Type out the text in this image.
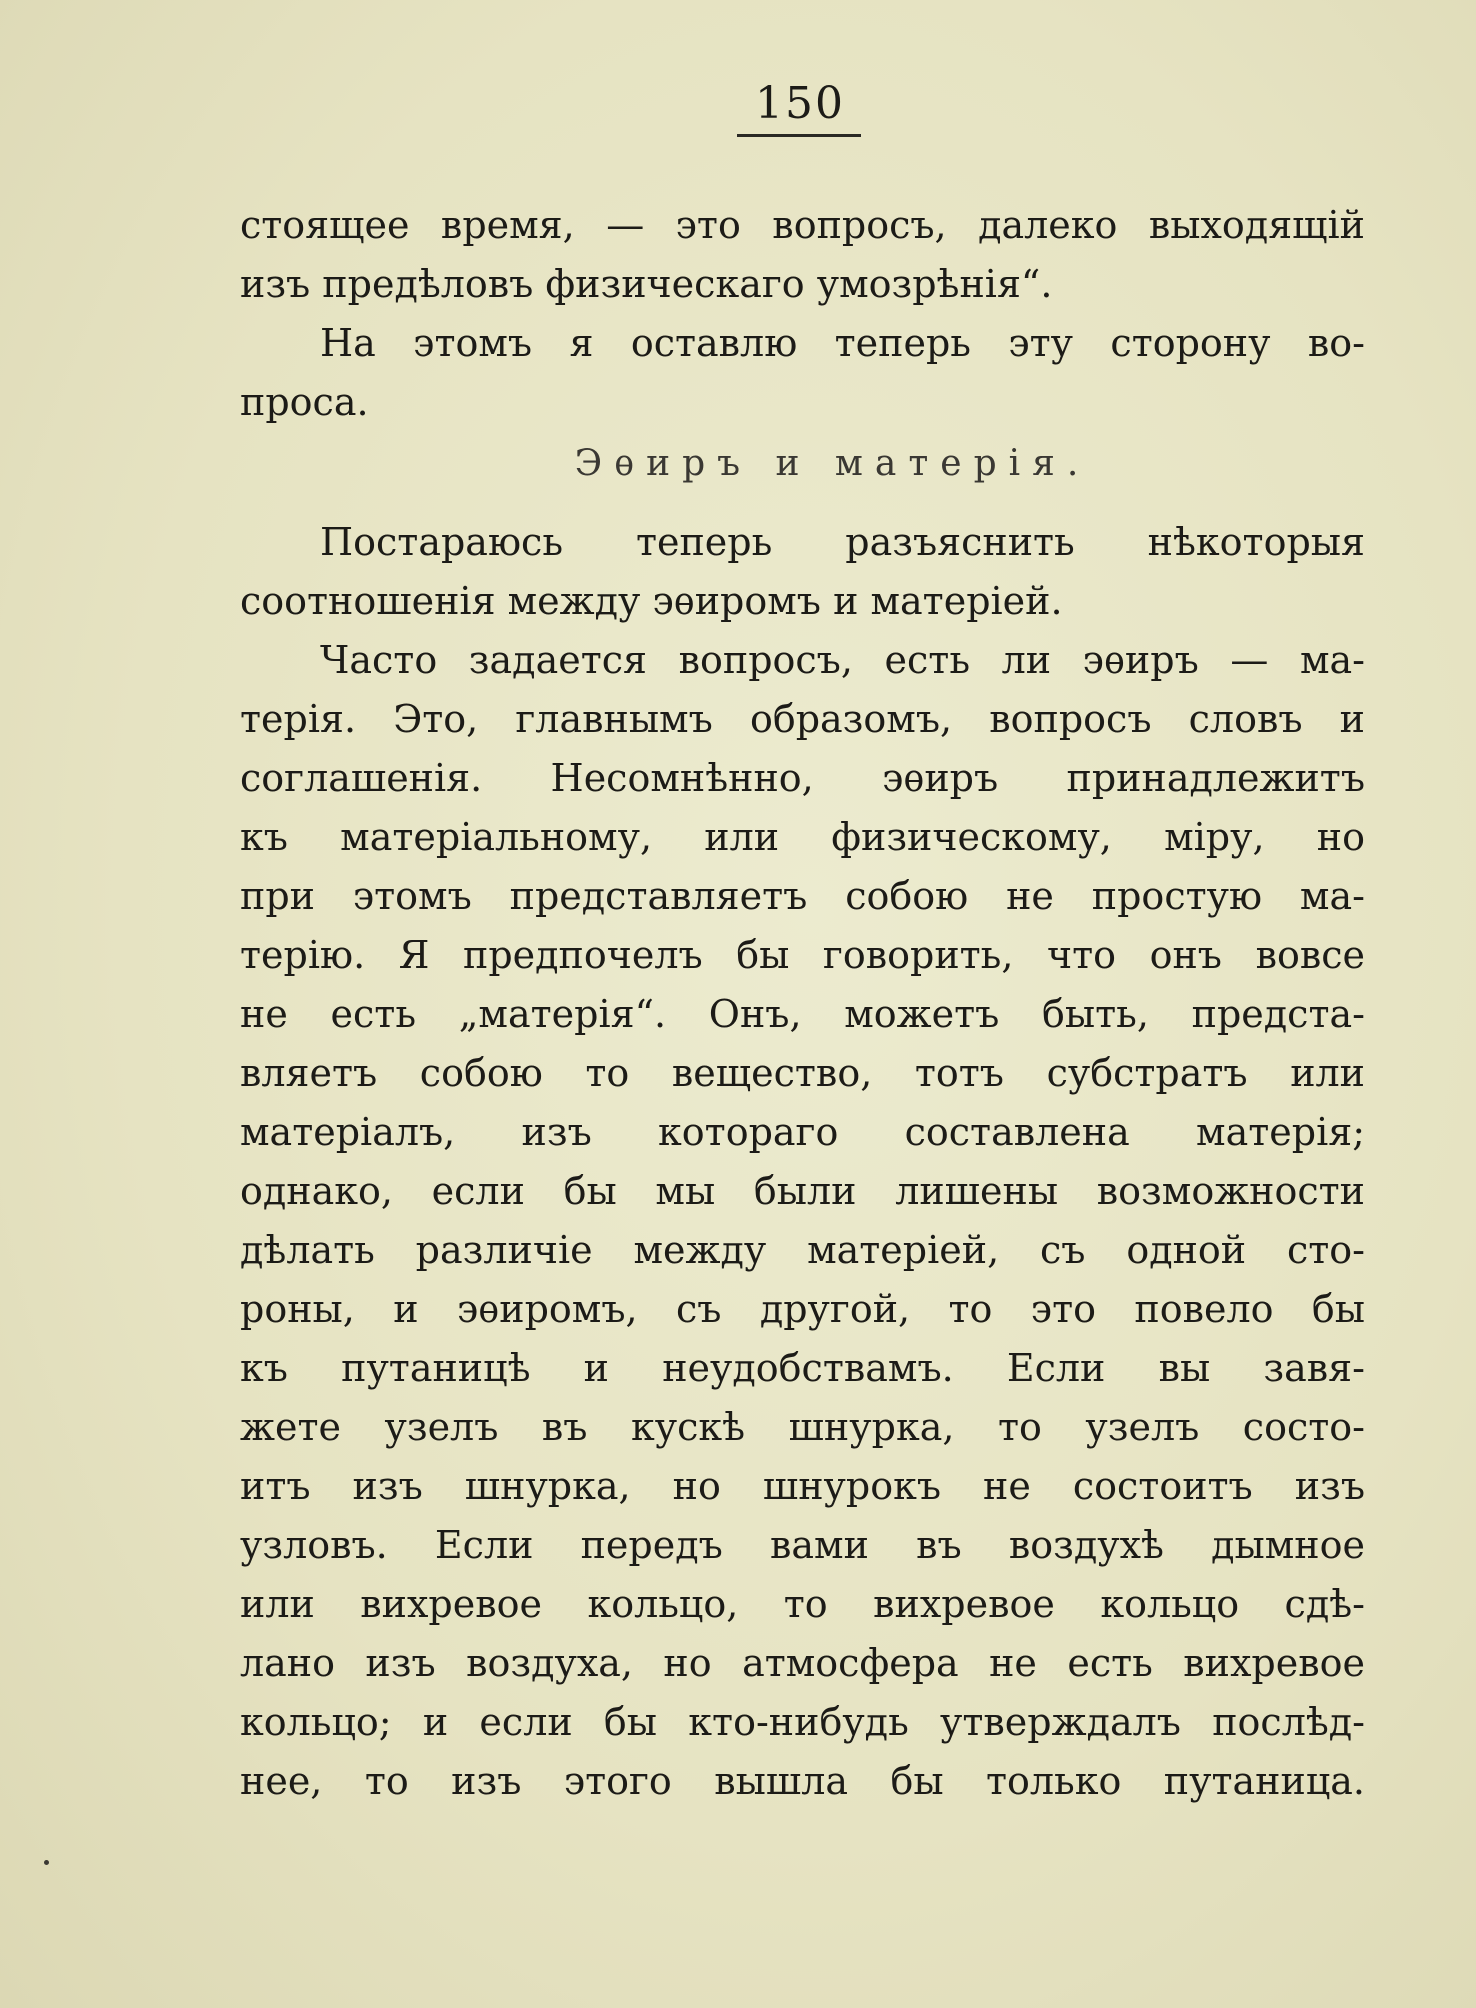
150

стоящее время, — это вопросъ, далеко выходящій

изъ предѣловъ физическаго умозрѣнія“.

На этомъ я оставлю теперь эту сторону во-

проса.

Эѳиръ и матерія.

Постараюсь теперь разъяснить нѣкоторыя

соотношенія между эѳиромъ и матеріей.

Часто задается вопросъ, есть ли эѳиръ — ма-

терія. Это, главнымъ образомъ, вопросъ словъ и

соглашенія. Несомнѣнно, эѳиръ принадлежитъ

къ матеріальному, или физическому, міру, но

при этомъ представляетъ собою не простую ма-

терію. Я предпочелъ бы говорить, что онъ вовсе

не есть „матерія“. Онъ, можетъ быть, предста-

вляетъ собою то вещество, тотъ субстратъ или

матеріалъ, изъ котораго составлена матерія;

однако, если бы мы были лишены возможности

дѣлать различіе между матеріей, съ одной сто-

роны, и эѳиромъ, съ другой, то это повело бы

къ путаницѣ и неудобствамъ. Если вы завя-

жете узелъ въ кускѣ шнурка, то узелъ состо-

итъ изъ шнурка, но шнурокъ не состоитъ изъ

узловъ. Если передъ вами въ воздухѣ дымное

или вихревое кольцо, то вихревое кольцо сдѣ-

лано изъ воздуха, но атмосфера не есть вихревое

кольцо; и если бы кто-нибудь утверждалъ послѣд-

нее, то изъ этого вышла бы только путаница.
